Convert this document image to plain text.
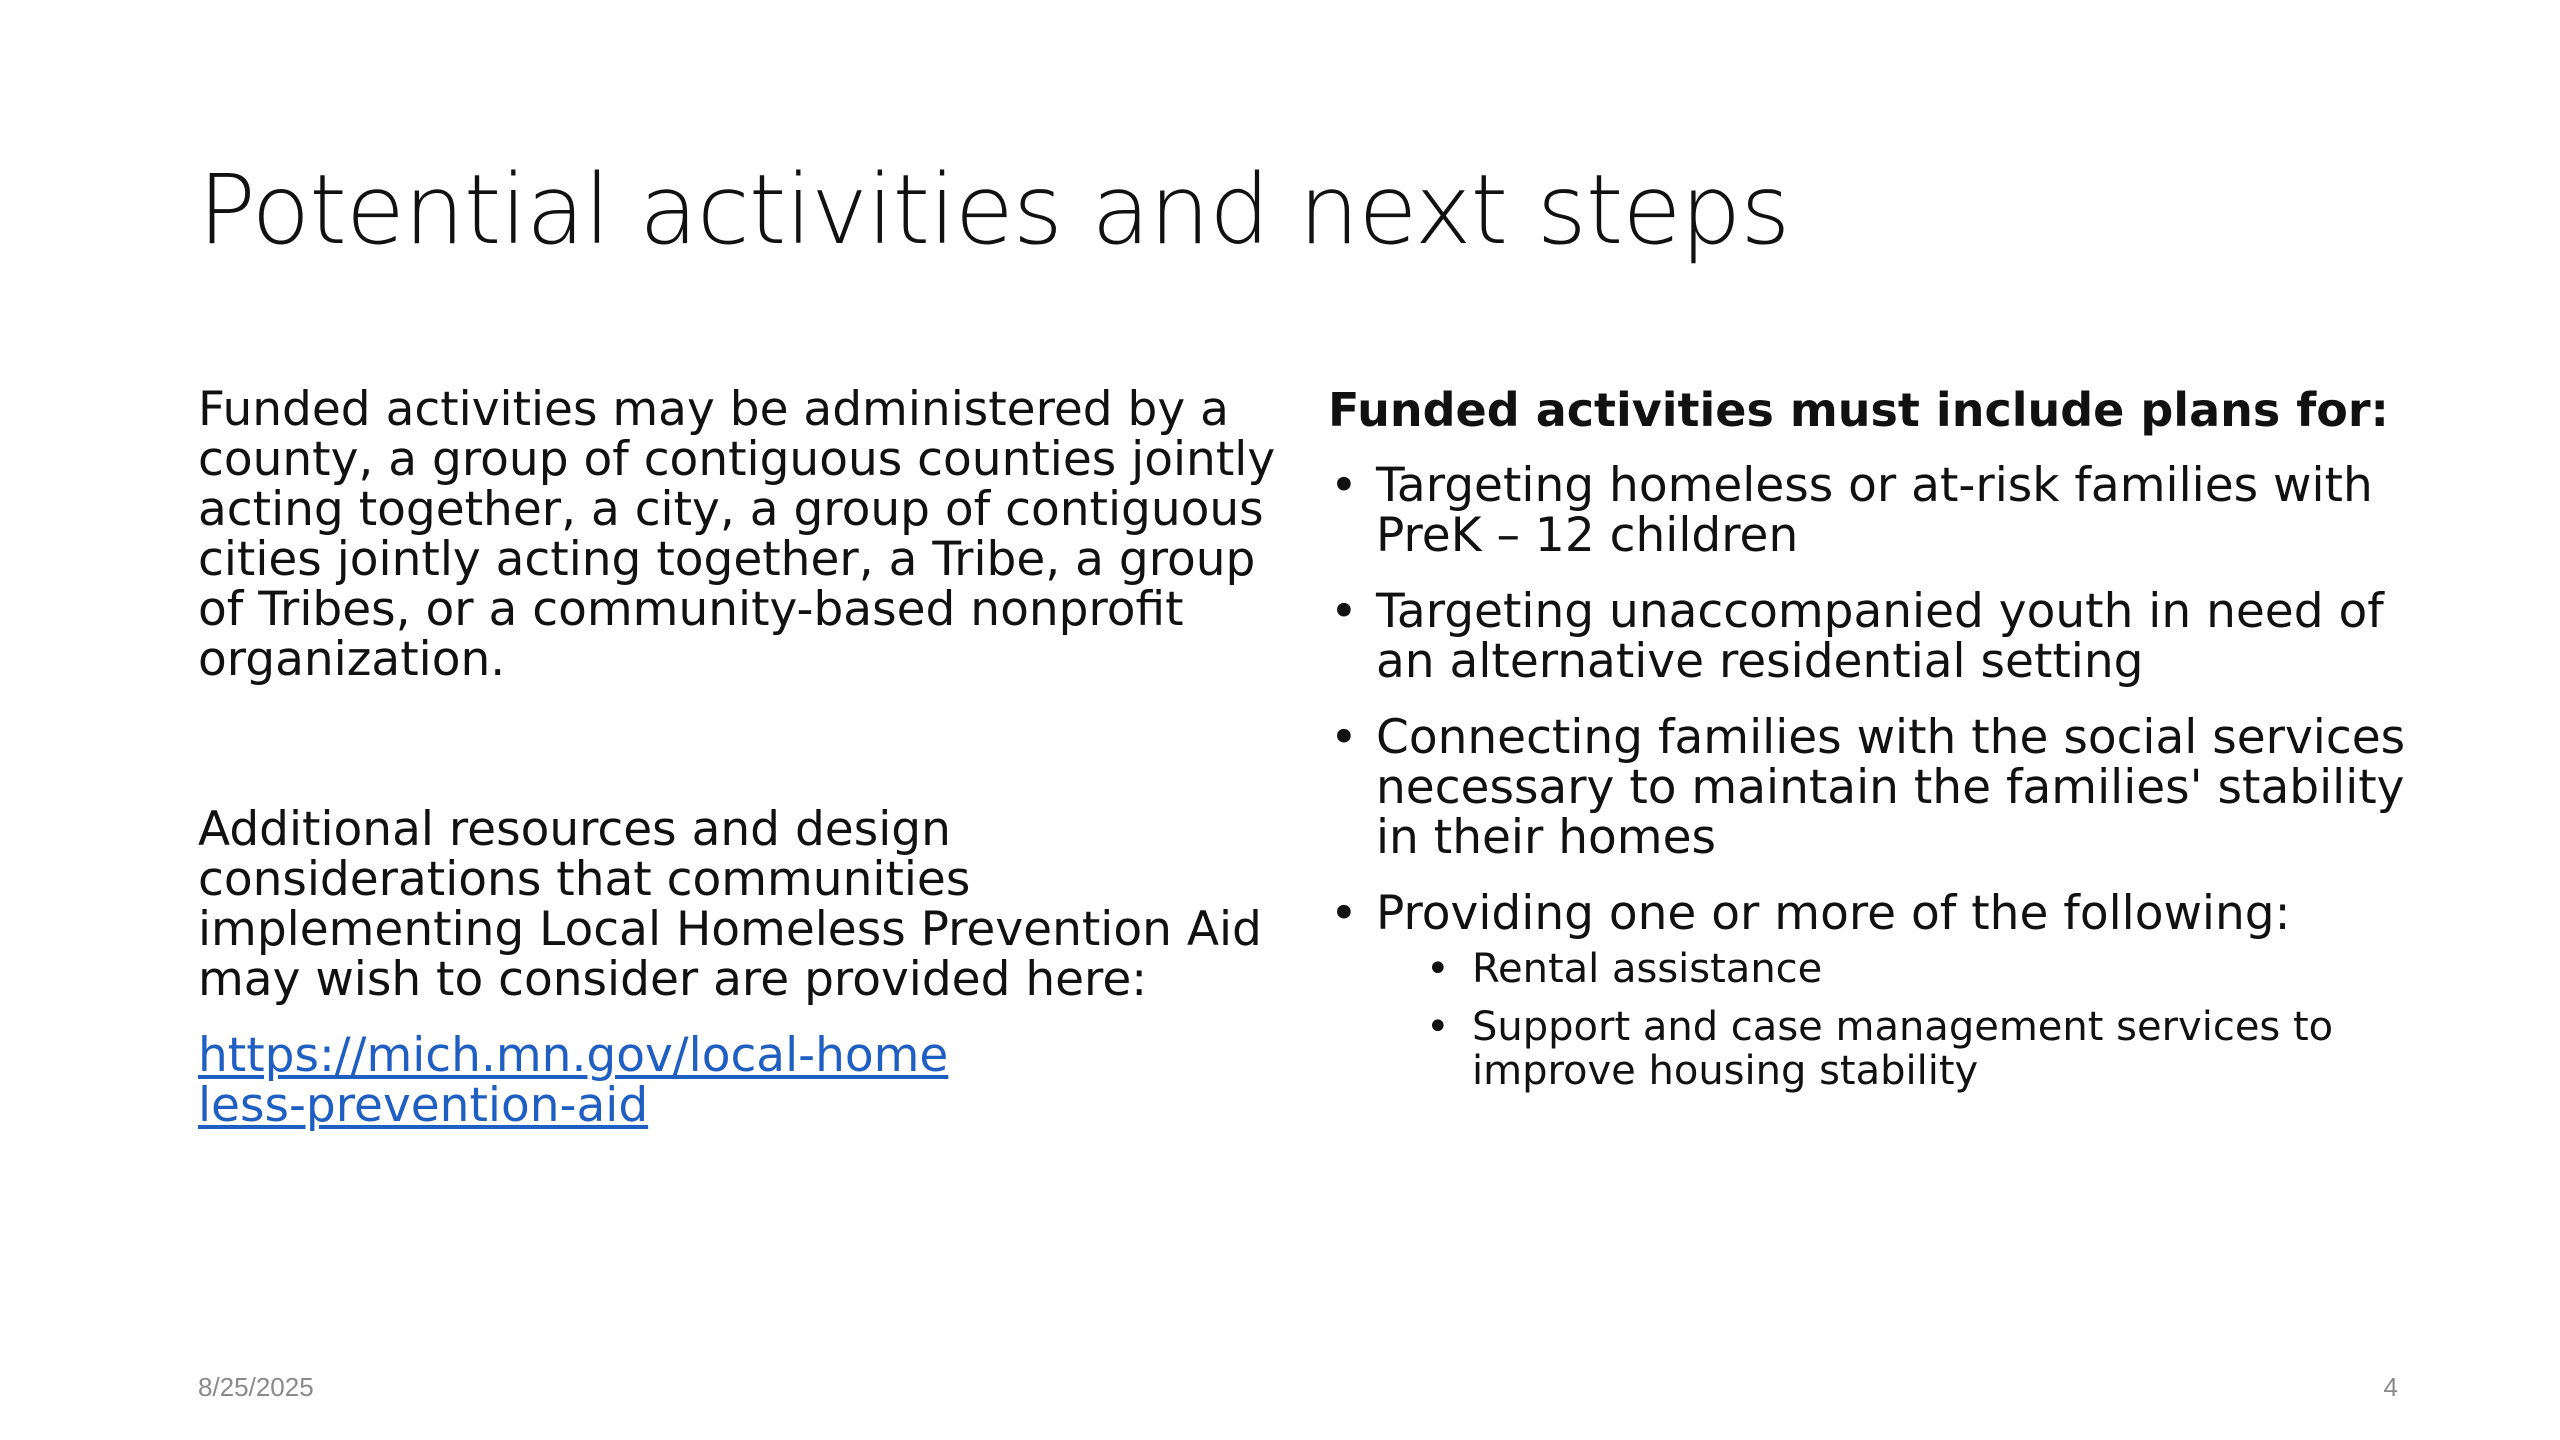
Potential activities and next steps

Funded activities may be administered by a county, a group of contiguous counties jointly acting together, a city, a group of contiguous cities jointly acting together, a Tribe, a group of Tribes, or a community-based nonprofit organization.

Additional resources and design considerations that communities implementing Local Homeless Prevention Aid may wish to consider are provided here:

https://mich.mn.gov/local-homeless-prevention-aid

Funded activities must include plans for:

• Targeting homeless or at-risk families with PreK – 12 children
• Targeting unaccompanied youth in need of an alternative residential setting
• Connecting families with the social services necessary to maintain the families' stability in their homes
• Providing one or more of the following:
• Rental assistance
• Support and case management services to improve housing stability
8/25/2025	4
